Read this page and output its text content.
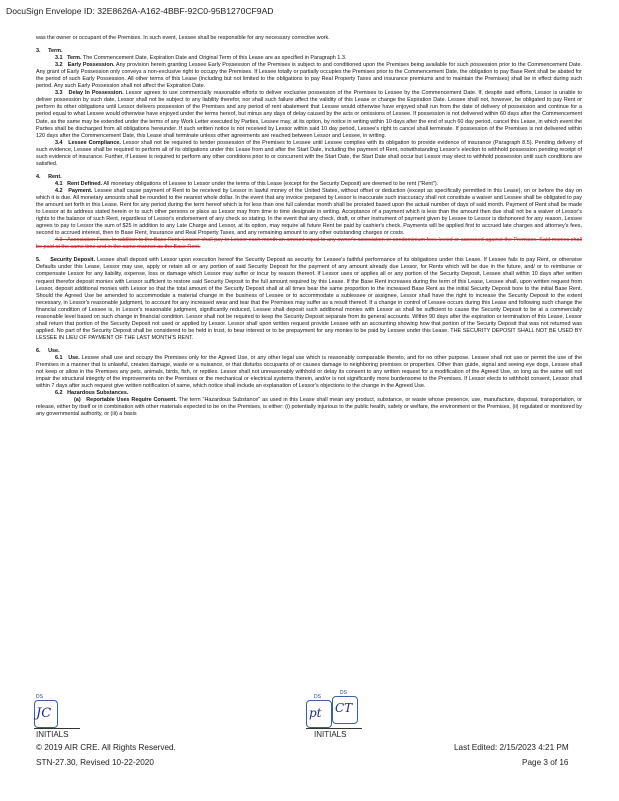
DocuSign Envelope ID: 32E8626A-A162-4BBF-92C0-95B1270CF9AD

was the owner or occupant of the Premises. In such event, Lessee shall be responsible for any necessary corrective work.

3.     Term.

3.1   Term. The Commencement Date, Expiration Date and Original Term of this Lease are as specified in Paragraph 1.3.

3.2   Early Possession. Any provision herein granting Lessee Early Possession of the Premises is subject to and conditioned upon the Premises being available for such possession prior to the Commencement Date. Any grant of Early Possession only conveys a non-exclusive right to occupy the Premises. If Lessee totally or partially occupies the Premises prior to the Commencement Date, the obligation to pay Base Rent shall be abated for the period of such Early Possession. All other terms of this Lease (including but not limited to the obligations to pay Real Property Taxes and insurance premiums and to maintain the Premises) shall be in effect during such period. Any such Early Possession shall not affect the Expiration Date.

3.3   Delay In Possession. Lessor agrees to use commercially reasonable efforts to deliver exclusive possession of the Premises to Lessee by the Commencement Date. If, despite said efforts, Lessor is unable to deliver possession by such date, Lessor shall not be subject to any liability therefor, nor shall such failure affect the validity of this Lease or change the Expiration Date. Lessee shall not, however, be obligated to pay Rent or perform its other obligations until Lessor delivers possession of the Premises and any period of rent abatement that Lessee would otherwise have enjoyed shall run from the date of delivery of possession and continue for a period equal to what Lessee would otherwise have enjoyed under the terms hereof, but minus any days of delay caused by the acts or omissions of Lessee. If possession is not delivered within 60 days after the Commencement Date, as the same may be extended under the terms of any Work Letter executed by Parties, Lessee may, at its option, by notice in writing within 10 days after the end of such 60 day period, cancel this Lease, in which event the Parties shall be discharged from all obligations hereunder. If such written notice is not received by Lessor within said 10 day period, Lessee's right to cancel shall terminate. If possession of the Premises is not delivered within 120 days after the Commencement Date, this Lease shall terminate unless other agreements are reached between Lessor and Lessee, in writing.

3.4   Lessee Compliance. Lessor shall not be required to tender possession of the Premises to Lessee until Lessee complies with its obligation to provide evidence of insurance (Paragraph 8.5). Pending delivery of such evidence, Lessee shall be required to perform all of its obligations under this Lease from and after the Start Date, including the payment of Rent, notwithstanding Lessor's election to withhold possession pending receipt of such evidence of insurance. Further, if Lessee is required to perform any other conditions prior to or concurrent with the Start Date, the Start Date shall occur but Lessor may elect to withhold possession until such conditions are satisfied.

4.     Rent.

4.1   Rent Defined. All monetary obligations of Lessee to Lessor under the terms of this Lease (except for the Security Deposit) are deemed to be rent ("Rent").

4.2   Payment. Lessee shall cause payment of Rent to be received by Lessor in lawful money of the United States, without offset or deduction (except as specifically permitted in this Lease), on or before the day on which it is due. All monetary amounts shall be rounded to the nearest whole dollar. In the event that any invoice prepared by Lessor is inaccurate such inaccuracy shall not constitute a waiver and Lessee shall be obligated to pay the amount set forth in this Lease. Rent for any period during the term hereof which is for less than one full calendar month shall be prorated based upon the actual number of days of said month. Payment of Rent shall be made to Lessor at its address stated herein or to such other persons or place as Lessor may from time to time designate in writing. Acceptance of a payment which is less than the amount then due shall not be a waiver of Lessor's rights to the balance of such Rent, regardless of Lessor's endorsement of any check so stating. In the event that any check, draft, or other instrument of payment given by Lessee to Lessor is dishonored for any reason, Lessee agrees to pay to Lessor the sum of $25 in addition to any Late Charge and Lessor, at its option, may require all future Rent be paid by cashier's check. Payments will be applied first to accrued late charges and attorney's fees, second to accrued interest, then to Base Rent, Insurance and Real Property Taxes, and any remaining amount to any other outstanding charges or costs.

4.3   Association Fees. In addition to the Base Rent, Lessee shall pay to Lessor each month an amount equal to any owner's association or condominium fees levied or assessed against the Premises. Said monies shall be paid at the same time and in the same manner as the Base Rent.

5.     Security Deposit. Lessee shall deposit with Lessor upon execution hereof the Security Deposit as security for Lessee's faithful performance of its obligations under this Lease. If Lessee fails to pay Rent, or otherwise Defaults under this Lease, Lessor may use, apply or retain all or any portion of said Security Deposit for the payment of any amount already due Lessor, for Rents which will be due in the future, and/ or to reimburse or compensate Lessor for any liability, expense, loss or damage which Lessor may suffer or incur by reason thereof. If Lessor uses or applies all or any portion of the Security Deposit, Lessee shall within 10 days after written request therefor deposit monies with Lessor sufficient to restore said Security Deposit to the full amount required by this Lease. If the Base Rent increases during the term of this Lease, Lessee shall, upon written request from Lessor, deposit additional monies with Lessor so that the total amount of the Security Deposit shall at all times bear the same proportion to the increased Base Rent as the initial Security Deposit bore to the initial Base Rent. Should the Agreed Use be amended to accommodate a material change in the business of Lessee or to accommodate a sublessee or assignee, Lessor shall have the right to increase the Security Deposit to the extent necessary, in Lessor's reasonable judgment, to account for any increased wear and tear that the Premises may suffer as a result thereof. If a change in control of Lessee occurs during this Lease and following such change the financial condition of Lessee is, in Lessor's reasonable judgment, significantly reduced, Lessee shall deposit such additional monies with Lessor as shall be sufficient to cause the Security Deposit to be at a commercially reasonable level based on such change in financial condition. Lessor shall not be required to keep the Security Deposit separate from its general accounts. Within 90 days after the expiration or termination of this Lease, Lessor shall return that portion of the Security Deposit not used or applied by Lessor. Lessor shall upon written request provide Lessee with an accounting showing how that portion of the Security Deposit that was not returned was applied. No part of the Security Deposit shall be considered to be held in trust, to bear interest or to be prepayment for any monies to be paid by Lessee under this Lease. THE SECURITY DEPOSIT SHALL NOT BE USED BY LESSEE IN LIEU OF PAYMENT OF THE LAST MONTH'S RENT.

6.     Use.

6.1   Use. Lessee shall use and occupy the Premises only for the Agreed Use, or any other legal use which is reasonably comparable thereto, and for no other purpose. Lessee shall not use or permit the use of the Premises in a manner that is unlawful, creates damage, waste or a nuisance, or that disturbs occupants of or causes damage to neighboring premises or properties. Other than guide, signal and seeing eye dogs, Lessee shall not keep or allow in the Premises any pets, animals, birds, fish, or reptiles. Lessor shall not unreasonably withhold or delay its consent to any written request for a modification of the Agreed Use, so long as the same will not impair the structural integrity of the improvements on the Premises or the mechanical or electrical systems therein, and/or is not significantly more burdensome to the Premises. If Lessor elects to withhold consent, Lessor shall within 7 days after such request give written notification of same, which notice shall include an explanation of Lessor's objections to the change in the Agreed Use.

6.2   Hazardous Substances.

(a)   Reportable Uses Require Consent. The term "Hazardous Substance" as used in this Lease shall mean any product, substance, or waste whose presence, use, manufacture, disposal, transportation, or release, either by itself or in combination with other materials expected to be on the Premises, is either: (i) potentially injurious to the public health, safety or welfare, the environment or the Premises, (ii) regulated or monitored by any governmental authority, or (iii) a basis

DS
JC
INITIALS
DS
pt
DS
CT
INITIALS
© 2019 AIR CRE. All Rights Reserved.
STN-27.30, Revised 10-22-2020
Last Edited: 2/15/2023 4:21 PM
Page 3 of 16
